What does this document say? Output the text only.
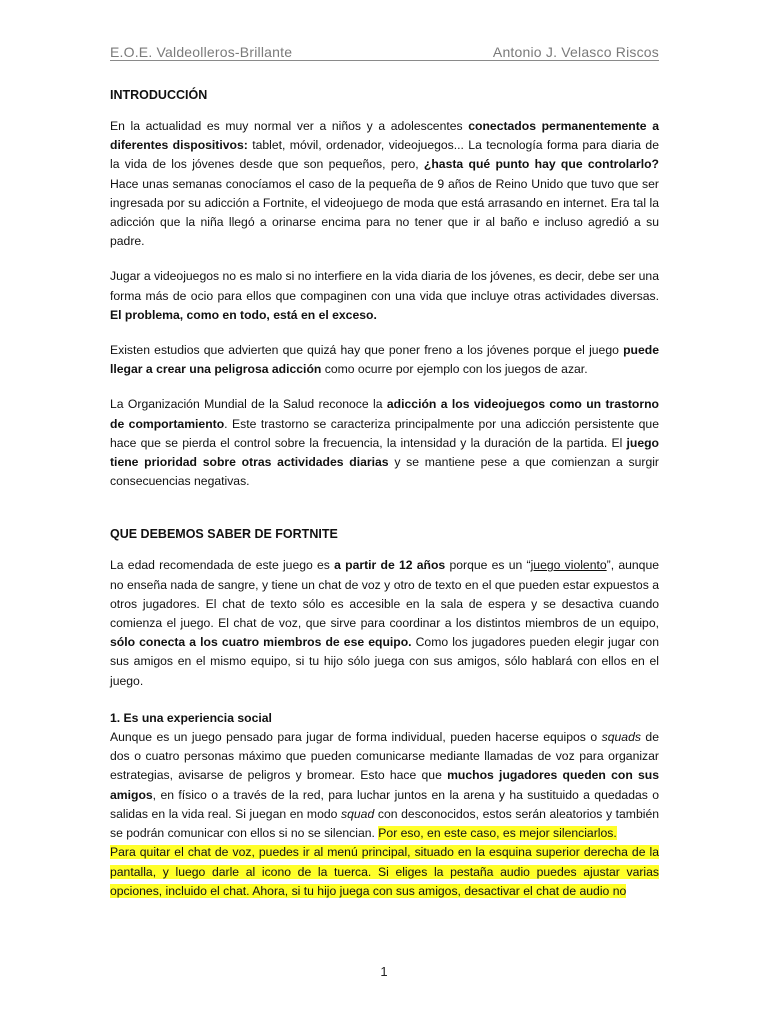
E.O.E. Valdeolleros-Brillante	Antonio J. Velasco Riscos
INTRODUCCIÓN

En la actualidad es muy normal ver a niños y a adolescentes conectados permanentemente a diferentes dispositivos: tablet, móvil, ordenador, videojuegos... La tecnología forma para diaria de la vida de los jóvenes desde que son pequeños, pero, ¿hasta qué punto hay que controlarlo? Hace unas semanas conocíamos el caso de la pequeña de 9 años de Reino Unido que tuvo que ser ingresada por su adicción a Fortnite, el videojuego de moda que está arrasando en internet. Era tal la adicción que la niña llegó a orinarse encima para no tener que ir al baño e incluso agredió a su padre.

Jugar a videojuegos no es malo si no interfiere en la vida diaria de los jóvenes, es decir, debe ser una forma más de ocio para ellos que compaginen con una vida que incluye otras actividades diversas. El problema, como en todo, está en el exceso.

Existen estudios que advierten que quizá hay que poner freno a los jóvenes porque el juego puede llegar a crear una peligrosa adicción como ocurre por ejemplo con los juegos de azar.

La Organización Mundial de la Salud reconoce la adicción a los videojuegos como un trastorno de comportamiento. Este trastorno se caracteriza principalmente por una adicción persistente que hace que se pierda el control sobre la frecuencia, la intensidad y la duración de la partida. El juego tiene prioridad sobre otras actividades diarias y se mantiene pese a que comienzan a surgir consecuencias negativas.

QUE DEBEMOS SABER DE FORTNITE

La edad recomendada de este juego es a partir de 12 años porque es un “juego violento”, aunque no enseña nada de sangre, y tiene un chat de voz y otro de texto en el que pueden estar expuestos a otros jugadores. El chat de texto sólo es accesible en la sala de espera y se desactiva cuando comienza el juego. El chat de voz, que sirve para coordinar a los distintos miembros de un equipo, sólo conecta a los cuatro miembros de ese equipo. Como los jugadores pueden elegir jugar con sus amigos en el mismo equipo, si tu hijo sólo juega con sus amigos, sólo hablará con ellos en el juego.

1. Es una experiencia social
Aunque es un juego pensado para jugar de forma individual, pueden hacerse equipos o squads de dos o cuatro personas máximo que pueden comunicarse mediante llamadas de voz para organizar estrategias, avisarse de peligros y bromear. Esto hace que muchos jugadores queden con sus amigos, en físico o a través de la red, para luchar juntos en la arena y ha sustituido a quedadas o salidas en la vida real. Si juegan en modo squad con desconocidos, estos serán aleatorios y también se podrán comunicar con ellos si no se silencian. Por eso, en este caso, es mejor silenciarlos.
Para quitar el chat de voz, puedes ir al menú principal, situado en la esquina superior derecha de la pantalla, y luego darle al icono de la tuerca. Si eliges la pestaña audio puedes ajustar varias opciones, incluido el chat. Ahora, si tu hijo juega con sus amigos, desactivar el chat de audio no
1
